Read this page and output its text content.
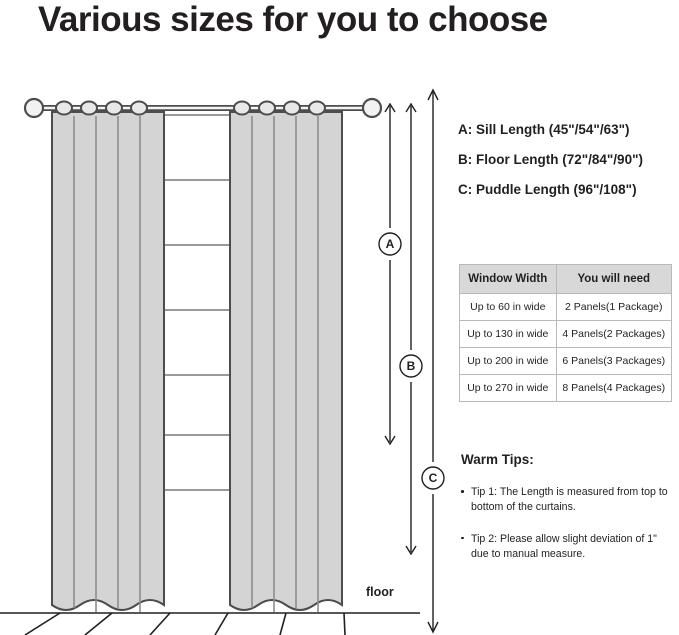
Various sizes for you to choose
A
B
C
floor
A: Sill Length (45"/54"/63")
B: Floor Length (72"/84"/90")
C: Puddle Length (96"/108")
Window Width	You will need
Up to 60 in wide	2 Panels(1 Package)
Up to 130 in wide	4 Panels(2 Packages)
Up to 200 in wide	6 Panels(3 Packages)
Up to 270 in wide	8 Panels(4 Packages)
Warm Tips:
Tip 1: The Length is measured from top to bottom of the curtains.
Tip 2: Please allow slight deviation of 1" due to manual measure.
